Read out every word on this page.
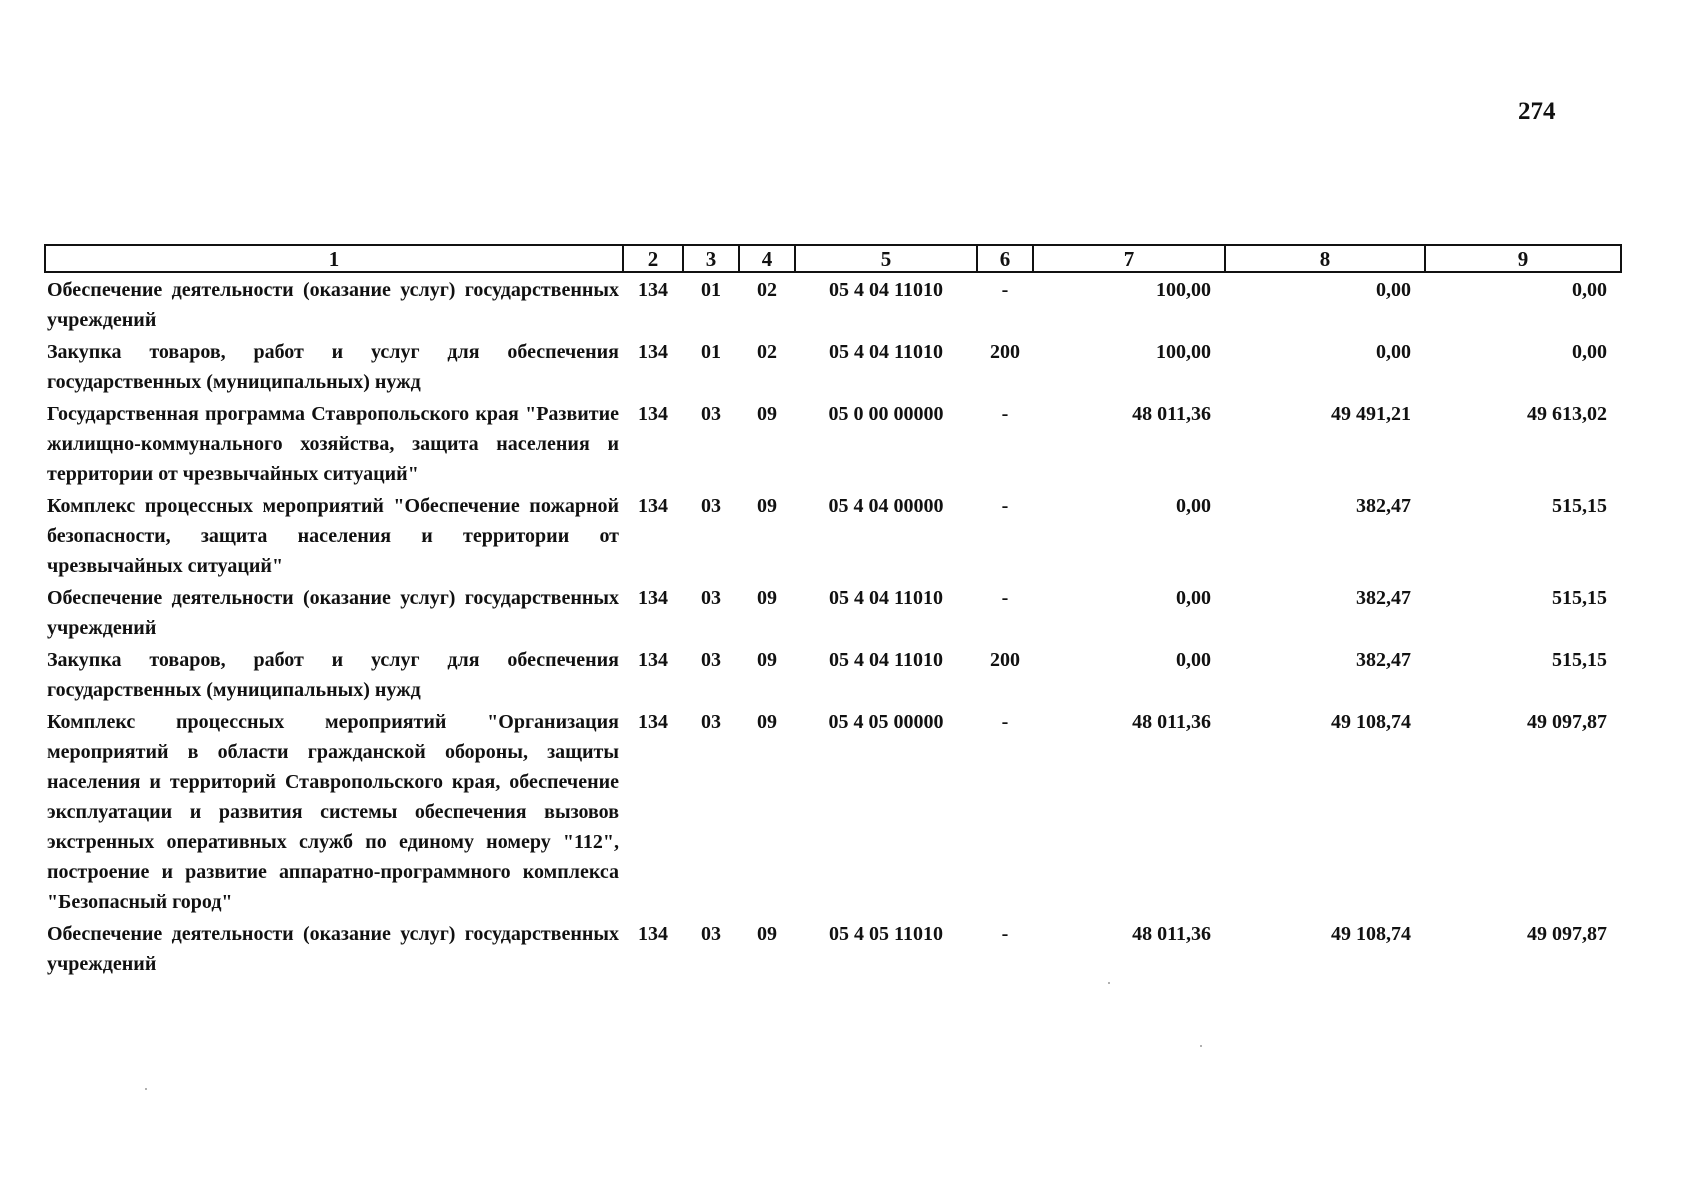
274
1	2	3	4	5	6	7	8	9
Обеспечение деятельности (оказание услуг) государственных учреждений	134	01	02	05 4 04 11010	-	100,00	0,00	0,00
Закупка товаров, работ и услуг для обеспечения государственных (муниципальных) нужд	134	01	02	05 4 04 11010	200	100,00	0,00	0,00
Государственная программа Ставропольского края "Развитие жилищно-коммунального хозяйства, защита населения и территории от чрезвычайных ситуаций"	134	03	09	05 0 00 00000	-	48 011,36	49 491,21	49 613,02
Комплекс процессных мероприятий "Обеспечение пожарной безопасности, защита населения и территории от чрезвычайных ситуаций"	134	03	09	05 4 04 00000	-	0,00	382,47	515,15
Обеспечение деятельности (оказание услуг) государственных учреждений	134	03	09	05 4 04 11010	-	0,00	382,47	515,15
Закупка товаров, работ и услуг для обеспечения государственных (муниципальных) нужд	134	03	09	05 4 04 11010	200	0,00	382,47	515,15
Комплекс процессных мероприятий "Организация мероприятий в области гражданской обороны, защиты населения и территорий Ставропольского края, обеспечение эксплуатации и развития системы обеспечения вызовов экстренных оперативных служб по единому номеру "112", построение и развитие аппаратно-программного комплекса "Безопасный город"	134	03	09	05 4 05 00000	-	48 011,36	49 108,74	49 097,87
Обеспечение деятельности (оказание услуг) государственных учреждений	134	03	09	05 4 05 11010	-	48 011,36	49 108,74	49 097,87
